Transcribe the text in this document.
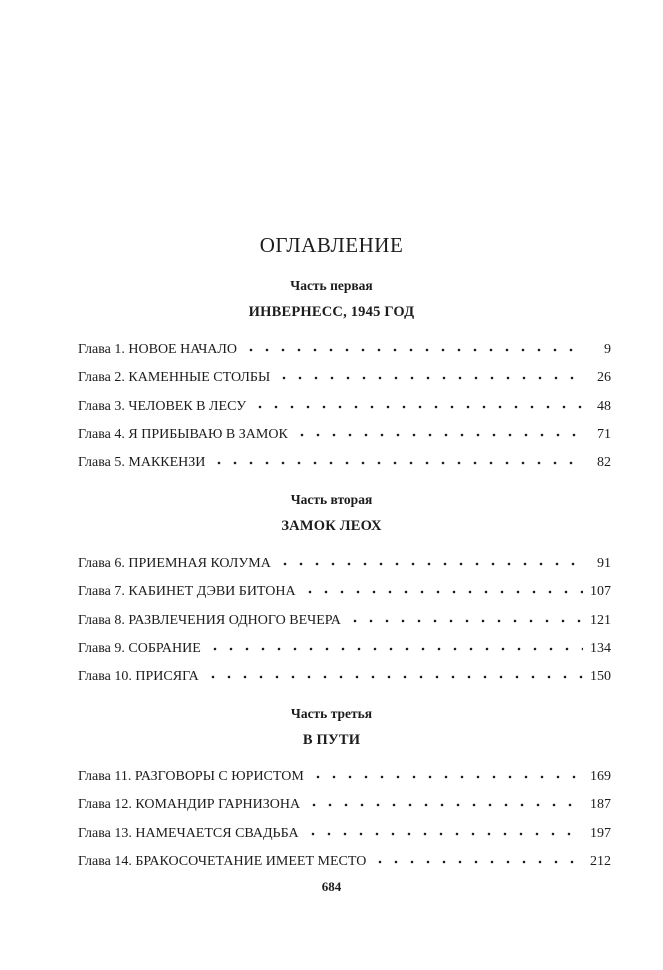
ОГЛАВЛЕНИЕ
Часть первая
ИНВЕРНЕСС, 1945 ГОД
Глава 1. НОВОЕ НАЧАЛО	9
Глава 2. КАМЕННЫЕ СТОЛБЫ	26
Глава 3. ЧЕЛОВЕК В ЛЕСУ	48
Глава 4. Я ПРИБЫВАЮ В ЗАМОК	71
Глава 5. МАККЕНЗИ	82
Часть вторая
ЗАМОК ЛЕОХ
Глава 6. ПРИЕМНАЯ КОЛУМА	91
Глава 7. КАБИНЕТ ДЭВИ БИТОНА	107
Глава 8. РАЗВЛЕЧЕНИЯ ОДНОГО ВЕЧЕРА	121
Глава 9. СОБРАНИЕ	134
Глава 10. ПРИСЯГА	150
Часть третья
В ПУТИ
Глава 11. РАЗГОВОРЫ С ЮРИСТОМ	169
Глава 12. КОМАНДИР ГАРНИЗОНА	187
Глава 13. НАМЕЧАЕТСЯ СВАДЬБА	197
Глава 14. БРАКОСОЧЕТАНИЕ ИМЕЕТ МЕСТО	212
684
